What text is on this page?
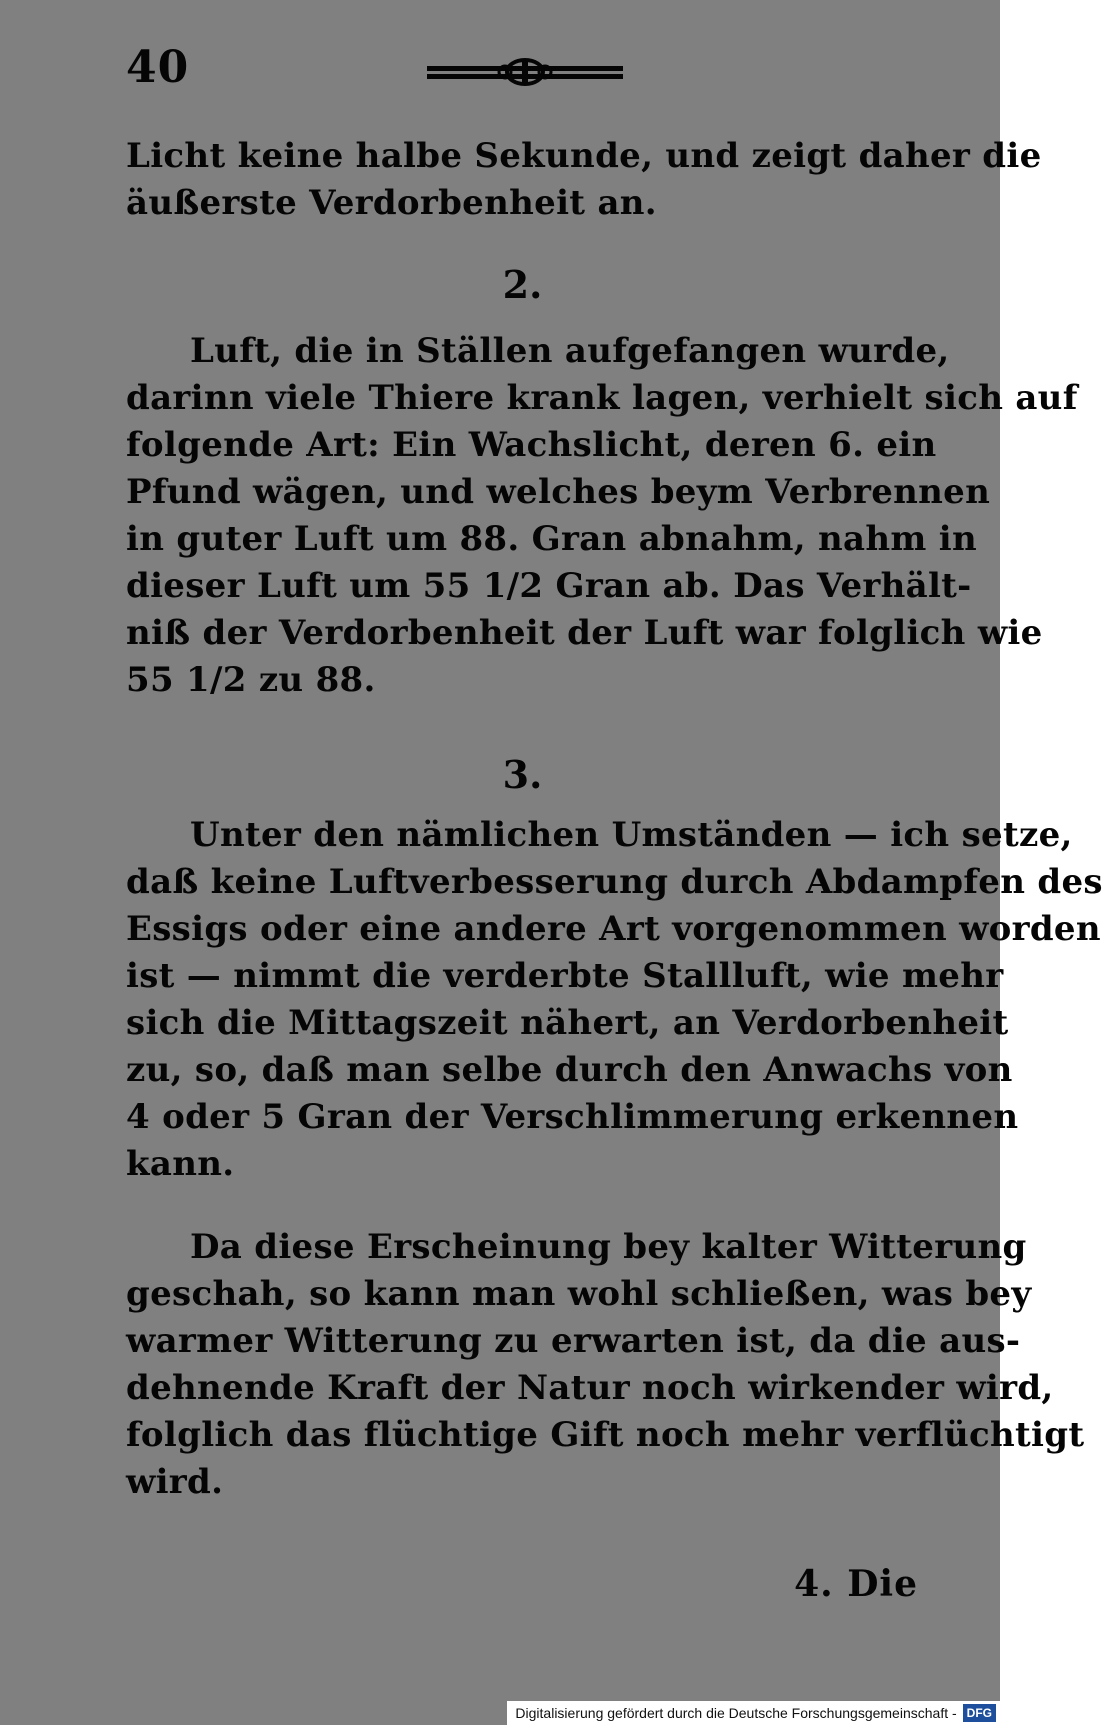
40
Licht keine halbe Sekunde, und zeigt daher die
äußerste Verdorbenheit an.
2.
Luft, die in Ställen aufgefangen wurde,
darinn viele Thiere krank lagen, verhielt sich auf
folgende Art: Ein Wachslicht, deren 6. ein
Pfund wägen, und welches beym Verbrennen
in guter Luft um 88. Gran abnahm, nahm in
dieser Luft um 55 1/2 Gran ab. Das Verhält-
niß der Verdorbenheit der Luft war folglich wie
55 1/2 zu 88.
3.
Unter den nämlichen Umständen — ich setze,
daß keine Luftverbesserung durch Abdampfen des
Essigs oder eine andere Art vorgenommen worden
ist — nimmt die verderbte Stallluft, wie mehr
sich die Mittagszeit nähert, an Verdorbenheit
zu, so, daß man selbe durch den Anwachs von
4 oder 5 Gran der Verschlimmerung erkennen
kann.
Da diese Erscheinung bey kalter Witterung
geschah, so kann man wohl schließen, was bey
warmer Witterung zu erwarten ist, da die aus-
dehnende Kraft der Natur noch wirkender wird,
folglich das flüchtige Gift noch mehr verflüchtigt
wird.
4. Die
Digitalisierung gefördert durch die Deutsche Forschungsgemeinschaft - DFG
